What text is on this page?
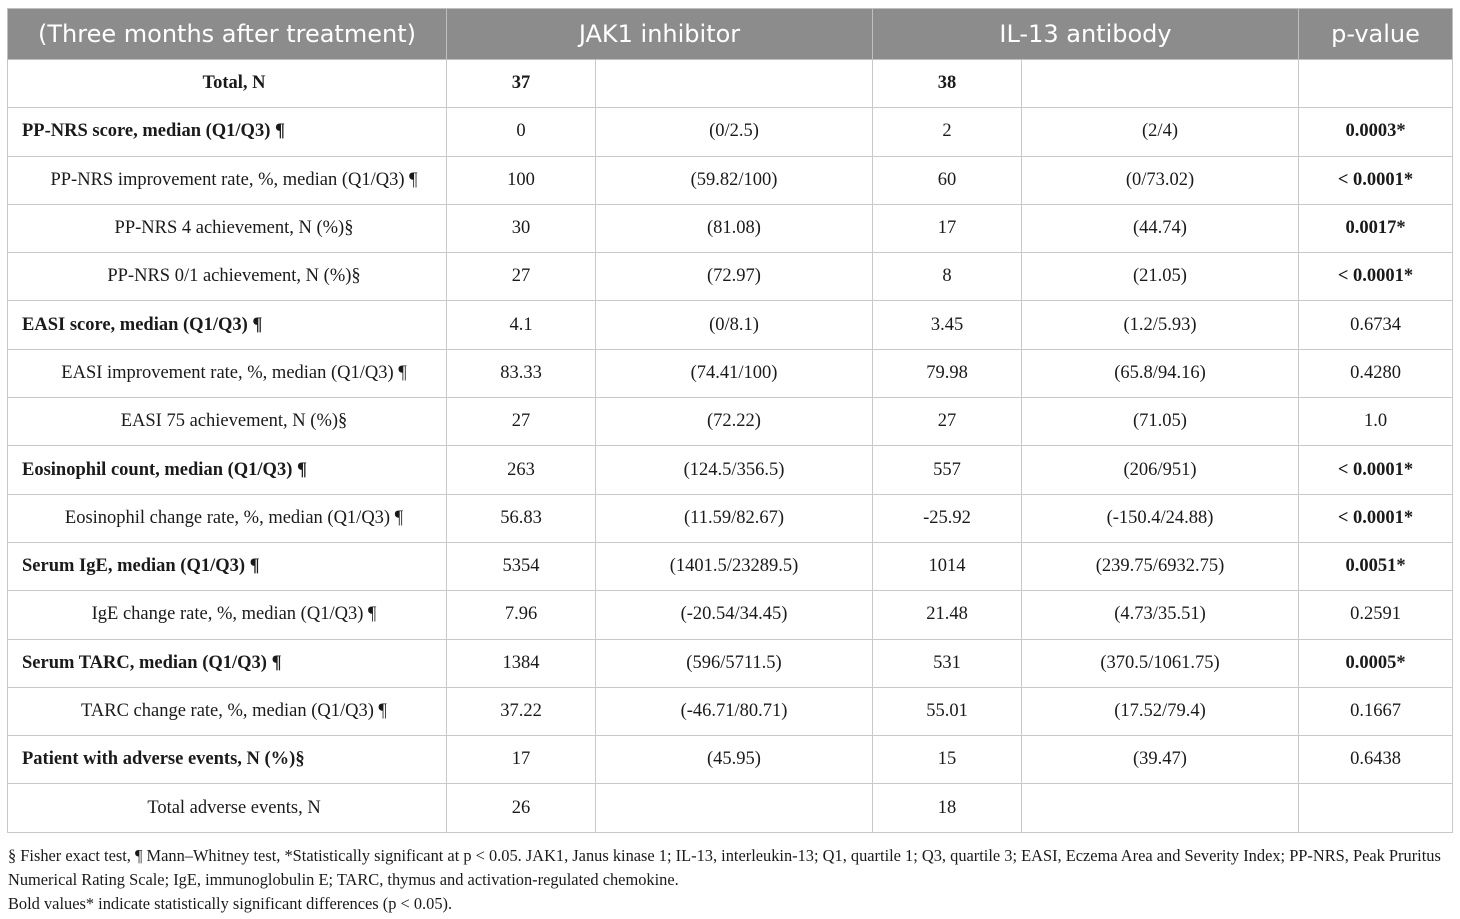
(Three months after treatment)	JAK1 inhibitor		IL-13 antibody		p-value
Total, N	37		38		
PP-NRS score, median (Q1/Q3) ¶	0	(0/2.5)	2	(2/4)	0.0003*
PP-NRS improvement rate, %, median (Q1/Q3) ¶	100	(59.82/100)	60	(0/73.02)	< 0.0001*
PP-NRS 4 achievement, N (%)§	30	(81.08)	17	(44.74)	0.0017*
PP-NRS 0/1 achievement, N (%)§	27	(72.97)	8	(21.05)	< 0.0001*
EASI score, median (Q1/Q3) ¶	4.1	(0/8.1)	3.45	(1.2/5.93)	0.6734
EASI improvement rate, %, median (Q1/Q3) ¶	83.33	(74.41/100)	79.98	(65.8/94.16)	0.4280
EASI 75 achievement, N (%)§	27	(72.22)	27	(71.05)	1.0
Eosinophil count, median (Q1/Q3) ¶	263	(124.5/356.5)	557	(206/951)	< 0.0001*
Eosinophil change rate, %, median (Q1/Q3) ¶	56.83	(11.59/82.67)	-25.92	(-150.4/24.88)	< 0.0001*
Serum IgE, median (Q1/Q3) ¶	5354	(1401.5/23289.5)	1014	(239.75/6932.75)	0.0051*
IgE change rate, %, median (Q1/Q3) ¶	7.96	(-20.54/34.45)	21.48	(4.73/35.51)	0.2591
Serum TARC, median (Q1/Q3) ¶	1384	(596/5711.5)	531	(370.5/1061.75)	0.0005*
TARC change rate, %, median (Q1/Q3) ¶	37.22	(-46.71/80.71)	55.01	(17.52/79.4)	0.1667
Patient with adverse events, N (%)§	17	(45.95)	15	(39.47)	0.6438
Total adverse events, N	26		18		

§ Fisher exact test, ¶ Mann–Whitney test, *Statistically significant at p < 0.05. JAK1, Janus kinase 1; IL-13, interleukin-13; Q1, quartile 1; Q3, quartile 3; EASI, Eczema Area and Severity Index; PP-NRS, Peak Pruritus Numerical Rating Scale; IgE, immunoglobulin E; TARC, thymus and activation-regulated chemokine.

Bold values* indicate statistically significant differences (p < 0.05).
